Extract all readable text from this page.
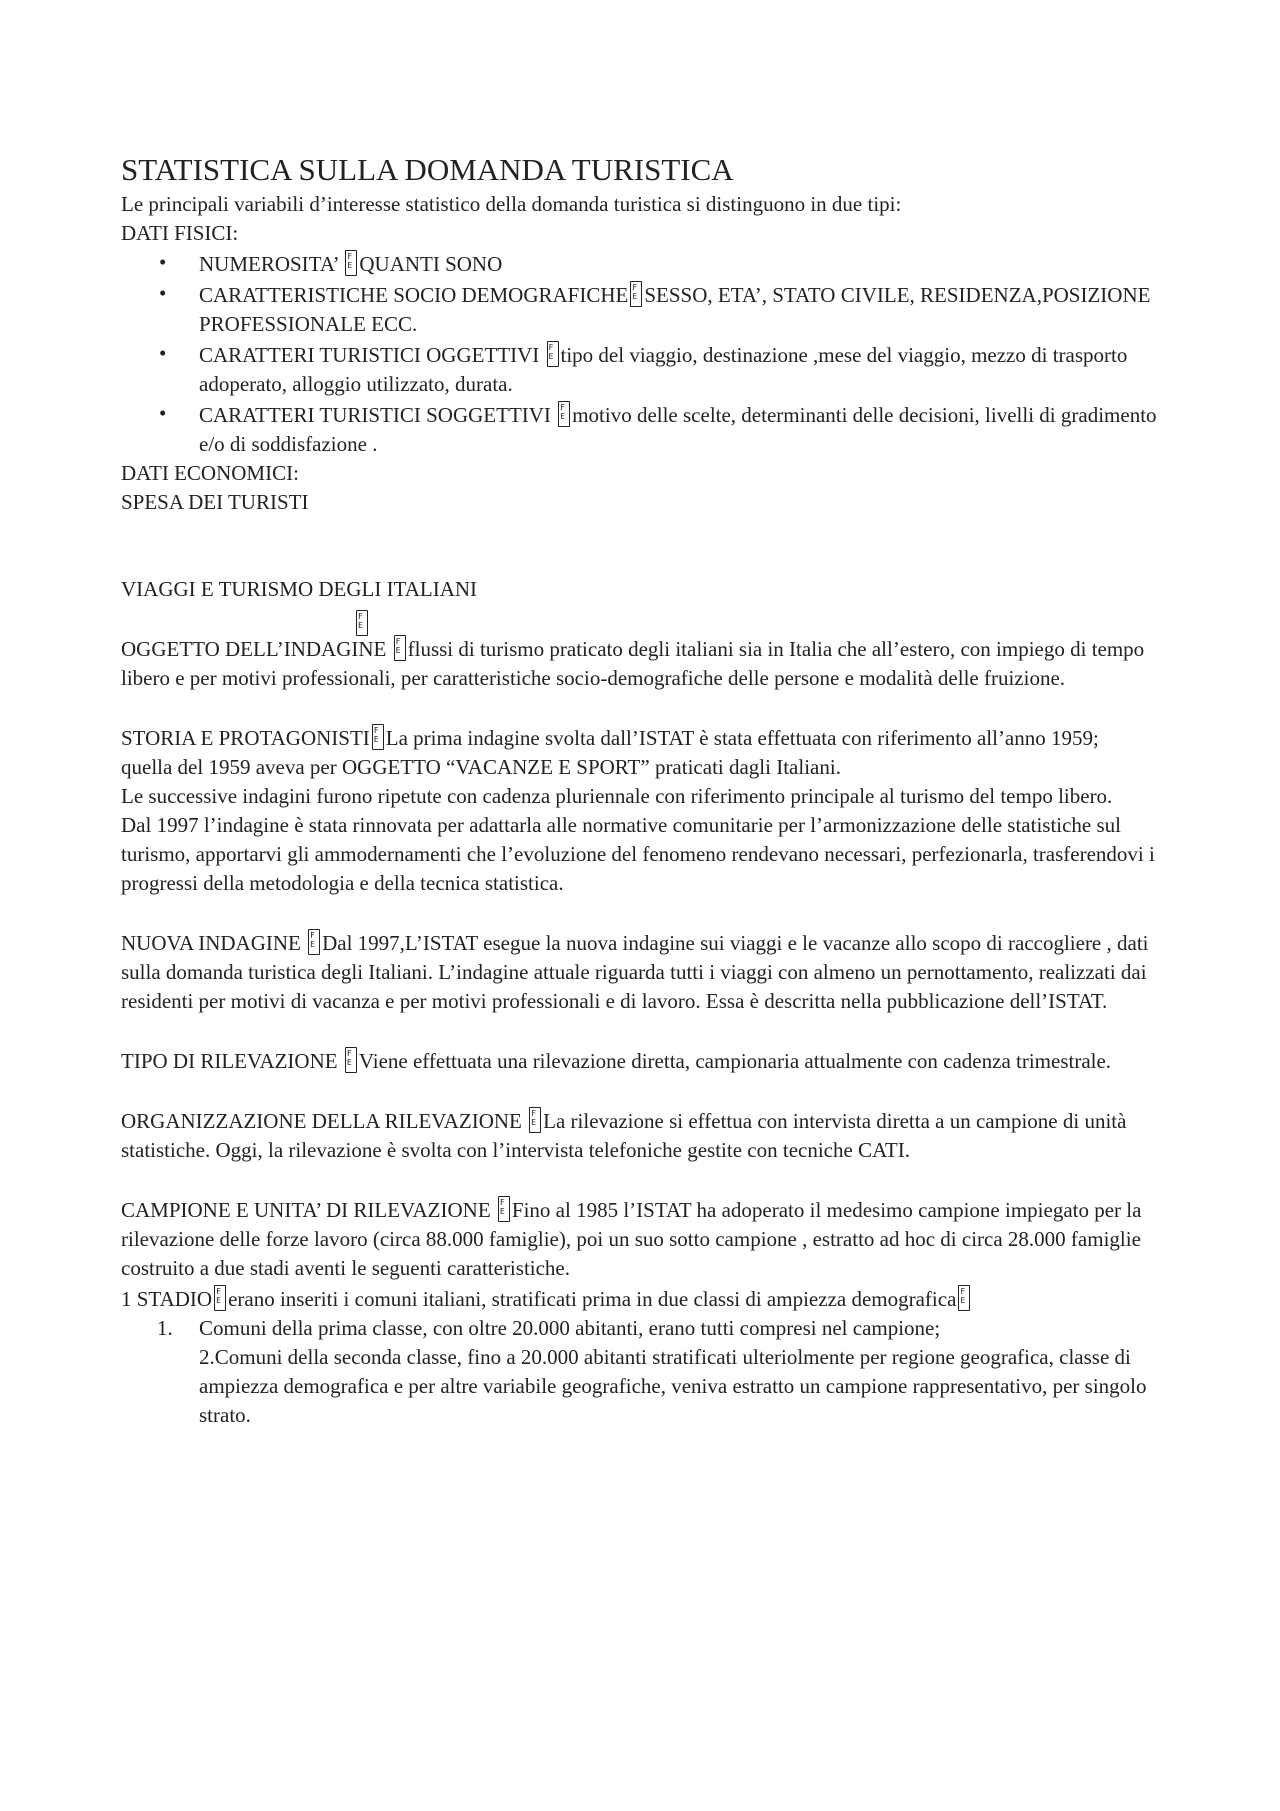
STATISTICA SULLA DOMANDA TURISTICA

Le principali variabili d’interesse statistico della domanda turistica si distinguono in due tipi:

DATI FISICI:

• NUMEROSITA’ F E QUANTI SONO
• CARATTERISTICHE SOCIO DEMOGRAFICHE F E SESSO, ETA’, STATO CIVILE, RESIDENZA,POSIZIONE PROFESSIONALE ECC.
• CARATTERI TURISTICI OGGETTIVI F E tipo del viaggio, destinazione ,mese del viaggio, mezzo di trasporto adoperato, alloggio utilizzato, durata.
• CARATTERI TURISTICI SOGGETTIVI F E motivo delle scelte, determinanti delle decisioni, livelli di gradimento e/o di soddisfazione .

DATI ECONOMICI:

SPESA DEI TURISTI

VIAGGI E TURISMO DEGLI ITALIANI

OGGETTO DELL’INDAGINE F E flussi di turismo praticato degli italiani sia in Italia che all’estero, con impiego di tempo libero e per motivi professionali, per caratteristiche socio-demografiche delle persone e modalità delle fruizione.

STORIA E PROTAGONISTI F E La prima indagine svolta dall’ISTAT è stata effettuata con riferimento all’anno 1959;

quella del 1959 aveva per OGGETTO “VACANZE E SPORT” praticati dagli Italiani.

Le successive indagini furono ripetute con cadenza pluriennale con riferimento principale al turismo del tempo libero.

Dal 1997 l’indagine è stata rinnovata per adattarla alle normative comunitarie per l’armonizzazione delle statistiche sul turismo, apportarvi gli ammodernamenti che l’evoluzione del fenomeno rendevano necessari, perfezionarla, trasferendovi i progressi della metodologia e della tecnica statistica.

NUOVA INDAGINE F E Dal 1997,L’ISTAT esegue la nuova indagine sui viaggi e le vacanze allo scopo di raccogliere , dati sulla domanda turistica degli Italiani. L’indagine attuale riguarda tutti i viaggi con almeno un pernottamento, realizzati dai residenti per motivi di vacanza e per motivi professionali e di lavoro. Essa è descritta nella pubblicazione dell’ISTAT.

TIPO DI RILEVAZIONE F E Viene effettuata una rilevazione diretta, campionaria attualmente con cadenza trimestrale.

ORGANIZZAZIONE DELLA RILEVAZIONE F E La rilevazione si effettua con intervista diretta a un campione di unità statistiche. Oggi, la rilevazione è svolta con l’intervista telefoniche gestite con tecniche CATI.

CAMPIONE E UNITA’ DI RILEVAZIONE F E Fino al 1985 l’ISTAT ha adoperato il medesimo campione impiegato per la rilevazione delle forze lavoro (circa 88.000 famiglie), poi un suo sotto campione , estratto ad hoc di circa 28.000 famiglie costruito a due stadi aventi le seguenti caratteristiche.

1 STADIO F E erano inseriti i comuni italiani, stratificati prima in due classi di ampiezza demograficaF E

1. Comuni della prima classe, con oltre 20.000 abitanti, erano tutti compresi nel campione;
2.Comuni della seconda classe, fino a 20.000 abitanti stratificati ulteriolmente per regione geografica, classe di ampiezza demografica e per altre variabile geografiche, veniva estratto un campione rappresentativo, per singolo strato.
F E
